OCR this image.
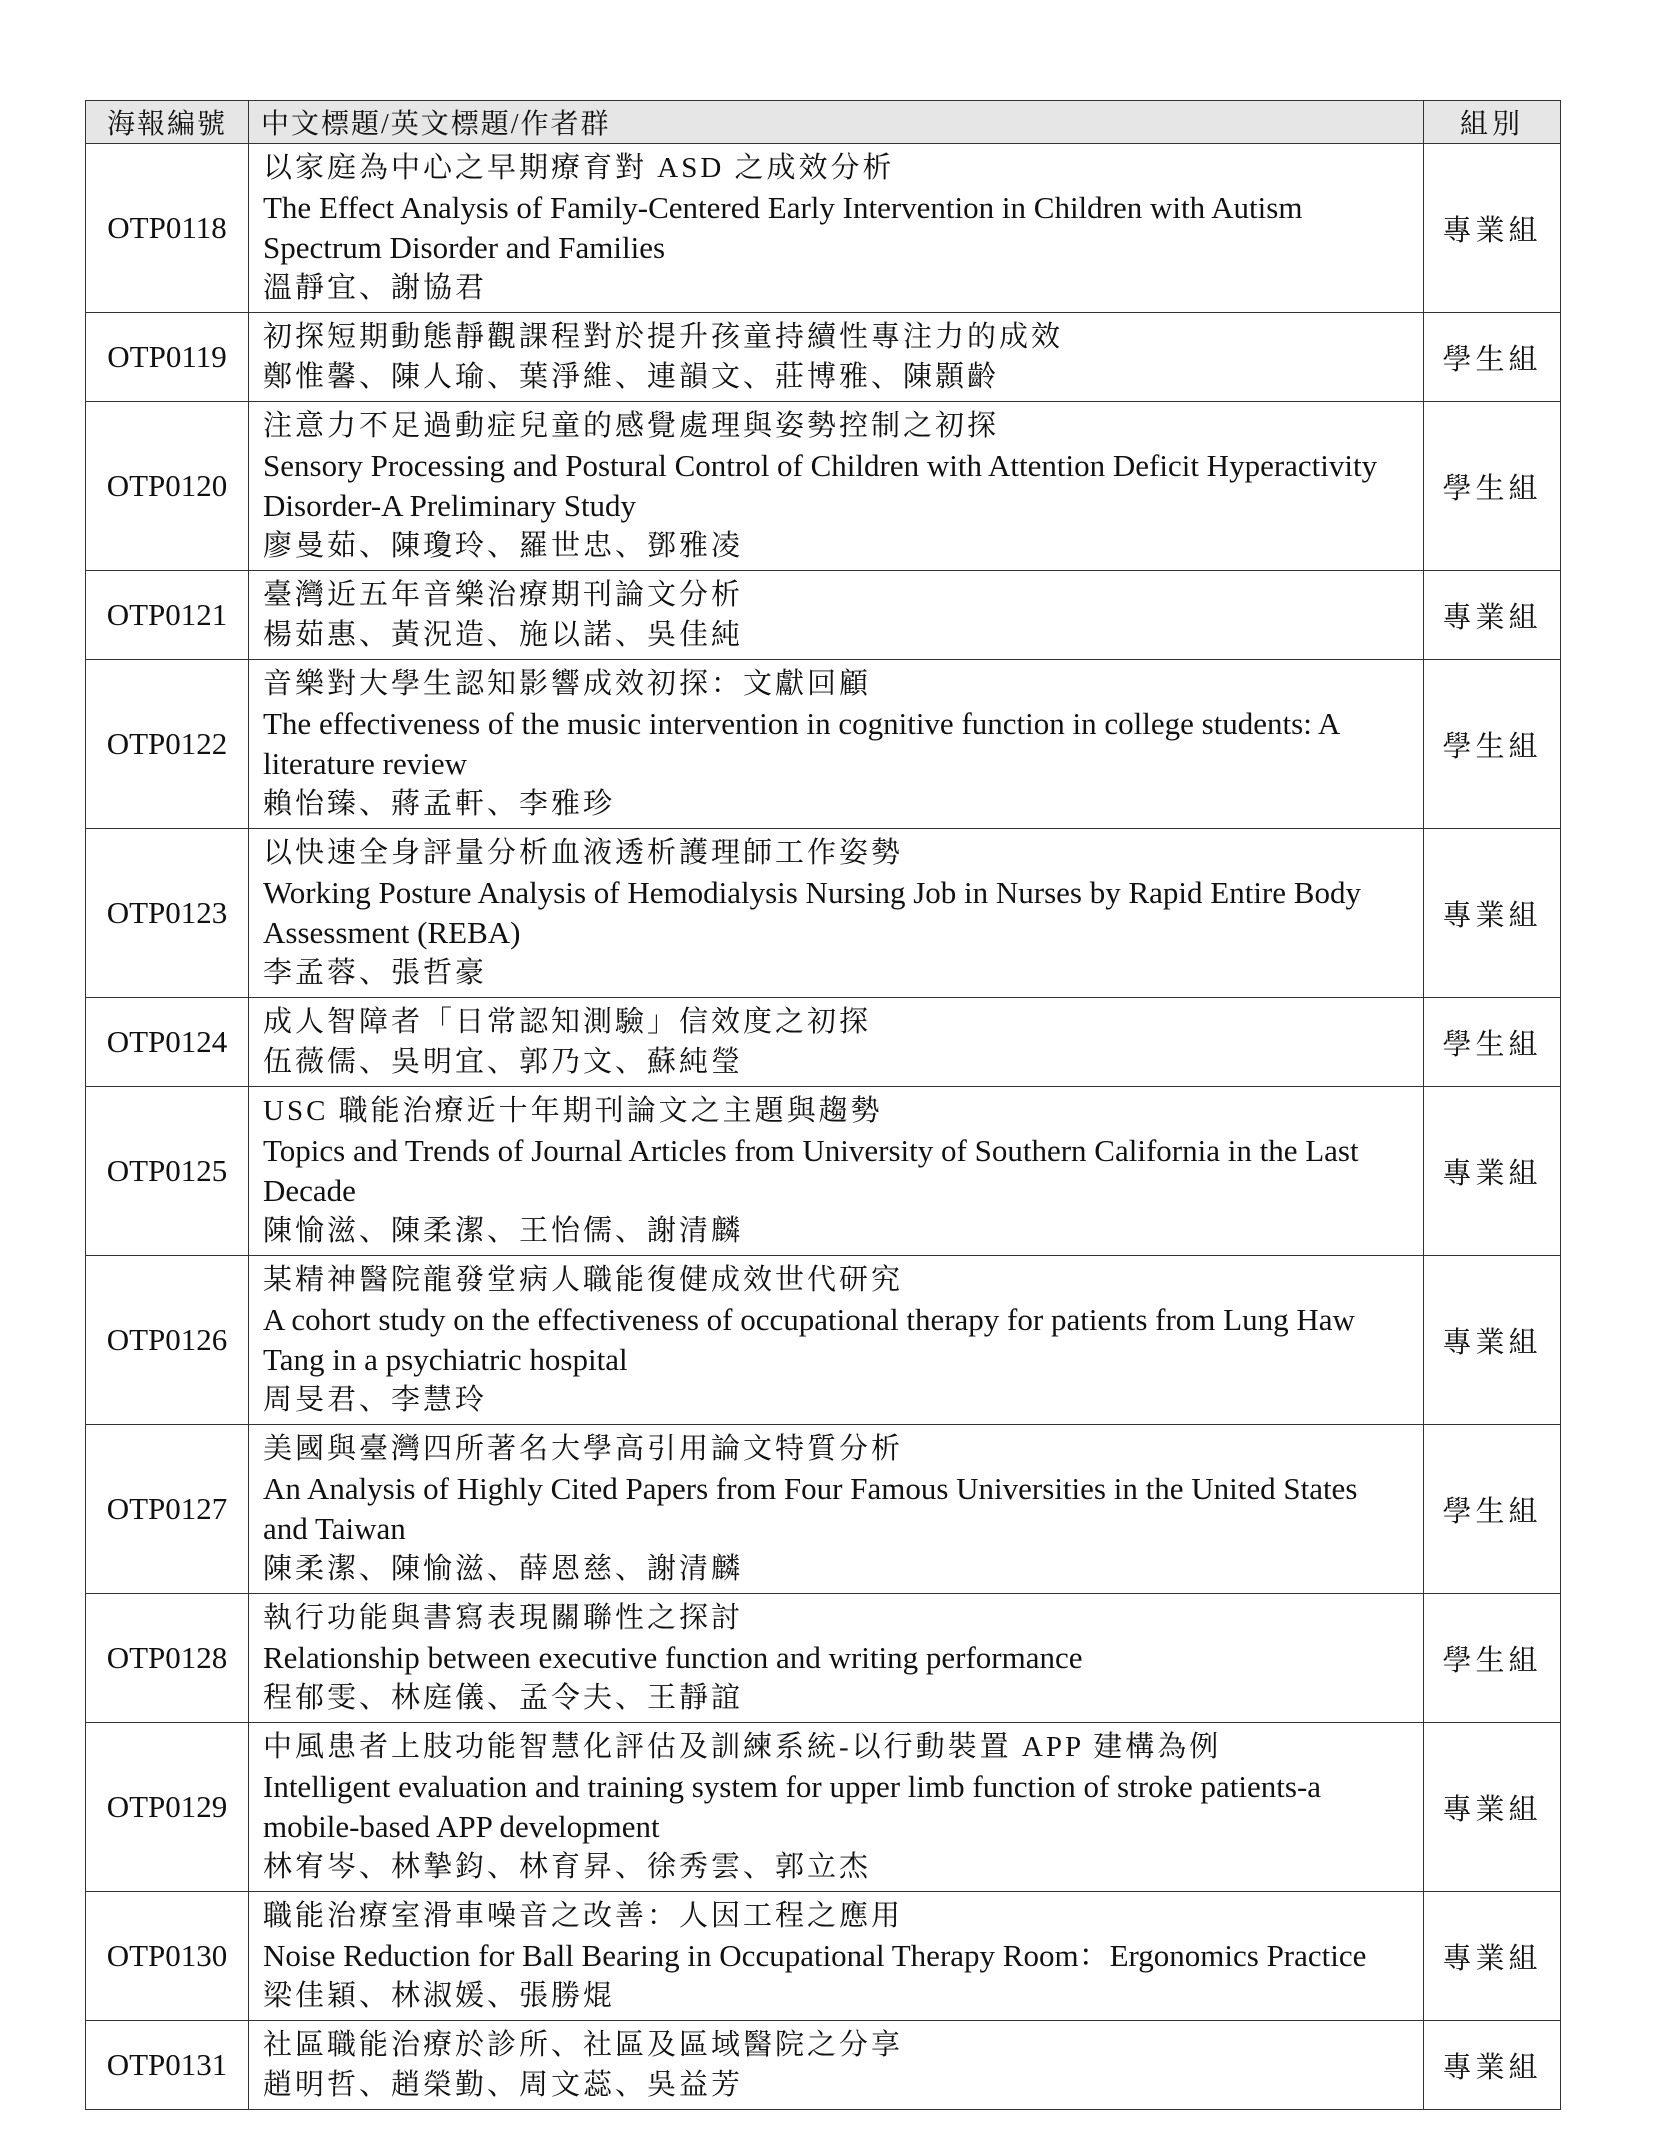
海報編號	中文標題/英文標題/作者群	組別
OTP0118	以家庭為中心之早期療育對 ASD 之成效分析
The Effect Analysis of Family-Centered Early Intervention in Children with Autism Spectrum Disorder and Families
溫靜宜、謝協君	專業組
OTP0119	初探短期動態靜觀課程對於提升孩童持續性專注力的成效
鄭惟馨、陳人瑜、葉淨維、連韻文、莊博雅、陳顥齡	學生組
OTP0120	注意力不足過動症兒童的感覺處理與姿勢控制之初探
Sensory Processing and Postural Control of Children with Attention Deficit Hyperactivity Disorder-A Preliminary Study
廖曼茹、陳瓊玲、羅世忠、鄧雅凌	學生組
OTP0121	臺灣近五年音樂治療期刊論文分析
楊茹惠、黃況造、施以諾、吳佳純	專業組
OTP0122	音樂對大學生認知影響成效初探：文獻回顧
The effectiveness of the music intervention in cognitive function in college students: A literature review
賴怡臻、蔣孟軒、李雅珍	學生組
OTP0123	以快速全身評量分析血液透析護理師工作姿勢
Working Posture Analysis of Hemodialysis Nursing Job in Nurses by Rapid Entire Body Assessment (REBA)
李孟蓉、張哲豪	專業組
OTP0124	成人智障者「日常認知測驗」信效度之初探
伍薇儒、吳明宜、郭乃文、蘇純瑩	學生組
OTP0125	USC 職能治療近十年期刊論文之主題與趨勢
Topics and Trends of Journal Articles from University of Southern California in the Last Decade
陳愉滋、陳柔潔、王怡儒、謝清麟	專業組
OTP0126	某精神醫院龍發堂病人職能復健成效世代研究
A cohort study on the effectiveness of occupational therapy for patients from Lung Haw Tang in a psychiatric hospital
周旻君、李慧玲	專業組
OTP0127	美國與臺灣四所著名大學高引用論文特質分析
An Analysis of Highly Cited Papers from Four Famous Universities in the United States and Taiwan
陳柔潔、陳愉滋、薛恩慈、謝清麟	學生組
OTP0128	執行功能與書寫表現關聯性之探討
Relationship between executive function and writing performance
程郁雯、林庭儀、孟令夫、王靜誼	學生組
OTP0129	中風患者上肢功能智慧化評估及訓練系統-以行動裝置 APP 建構為例
Intelligent evaluation and training system for upper limb function of stroke patients-a mobile-based APP development
林宥岑、林摯鈞、林育昇、徐秀雲、郭立杰	專業組
OTP0130	職能治療室滑車噪音之改善：人因工程之應用
Noise Reduction for Ball Bearing in Occupational Therapy Room：Ergonomics Practice
梁佳穎、林淑媛、張勝焜	專業組
OTP0131	社區職能治療於診所、社區及區域醫院之分享
趙明哲、趙榮勤、周文蕊、吳益芳	專業組
